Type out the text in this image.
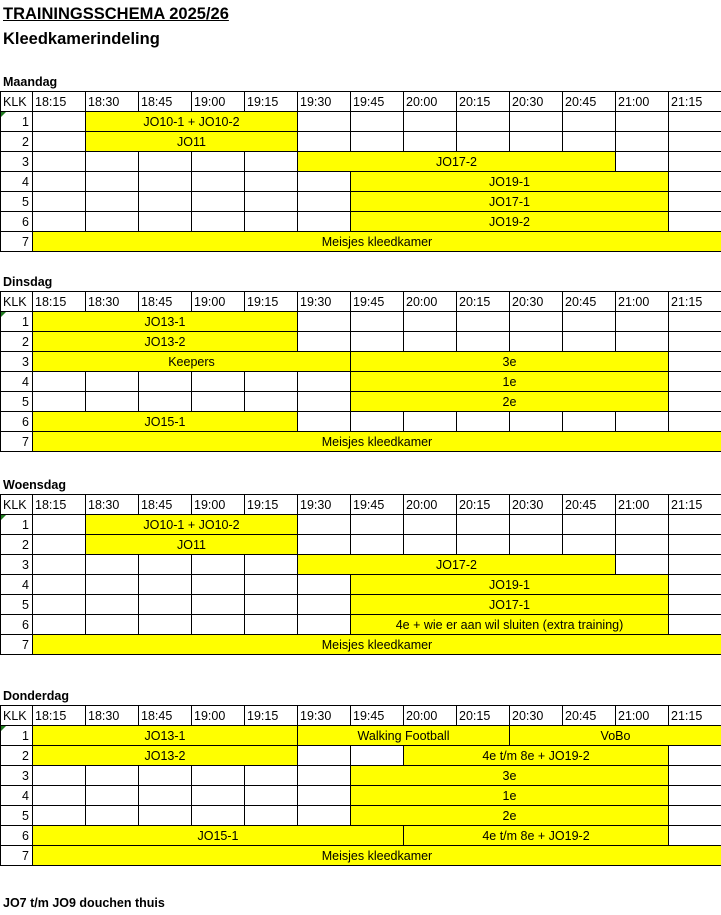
TRAININGSSCHEMA 2025/26
Kleedkamerindeling
Maandag
KLK	18:15	18:30	18:45	19:00	19:15	19:30	19:45	20:00	20:15	20:30	20:45	21:00	21:15

1		JO10-1 + JO10-2											
2		JO11											
3						JO17-2							
4							JO19-1						
5							JO17-1						
6							JO19-2						
7	Meisjes kleedkamer												
Dinsdag
KLK	18:15	18:30	18:45	19:00	19:15	19:30	19:45	20:00	20:15	20:30	20:45	21:00	21:15

1	JO13-1												
2	JO13-2												
3	Keepers						3e						
4							1e						
5							2e						
6	JO15-1												
7	Meisjes kleedkamer												
Woensdag
KLK	18:15	18:30	18:45	19:00	19:15	19:30	19:45	20:00	20:15	20:30	20:45	21:00	21:15

1		JO10-1 + JO10-2											
2		JO11											
3						JO17-2							
4							JO19-1						
5							JO17-1						
6							4e + wie er aan wil sluiten (extra training)						
7	Meisjes kleedkamer												
Donderdag
KLK	18:15	18:30	18:45	19:00	19:15	19:30	19:45	20:00	20:15	20:30	20:45	21:00	21:15

1	JO13-1					Walking Football				VoBo			
2	JO13-2							4e t/m 8e + JO19-2					
3							3e						
4							1e						
5							2e						
6	JO15-1							4e t/m 8e + JO19-2					
7	Meisjes kleedkamer												
JO7 t/m JO9 douchen thuis
